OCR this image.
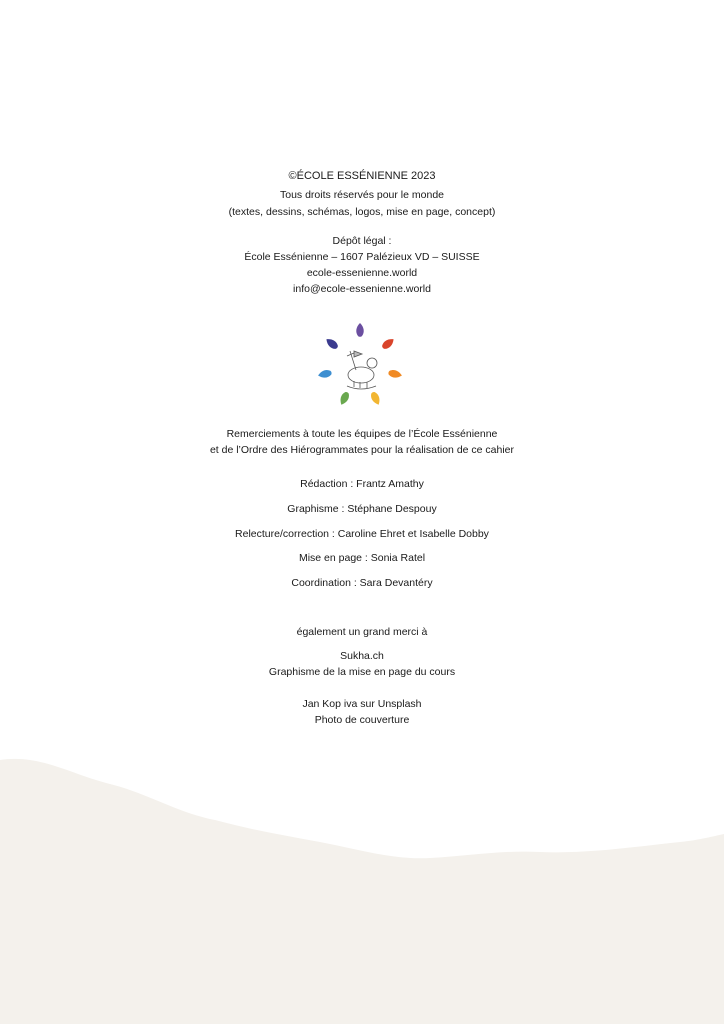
©ÉCOLE ESSÉNIENNE 2023
Tous droits réservés pour le monde
(textes, dessins, schémas, logos, mise en page, concept)
Dépôt légal :
École Essénienne – 1607 Palézieux VD – SUISSE
ecole-essenienne.world
info@ecole-essenienne.world
Remerciements à toute les équipes de l’École Essénienne
et de l’Ordre des Hiérogrammates pour la réalisation de ce cahier
Rédaction : Frantz Amathy
Graphisme : Stéphane Despouy
Relecture/correction : Caroline Ehret et Isabelle Dobby
Mise en page : Sonia Ratel
Coordination : Sara Devantéry
également un grand merci à
Sukha.ch
Graphisme de la mise en page du cours
Jan Kop iva sur Unsplash
Photo de couverture
